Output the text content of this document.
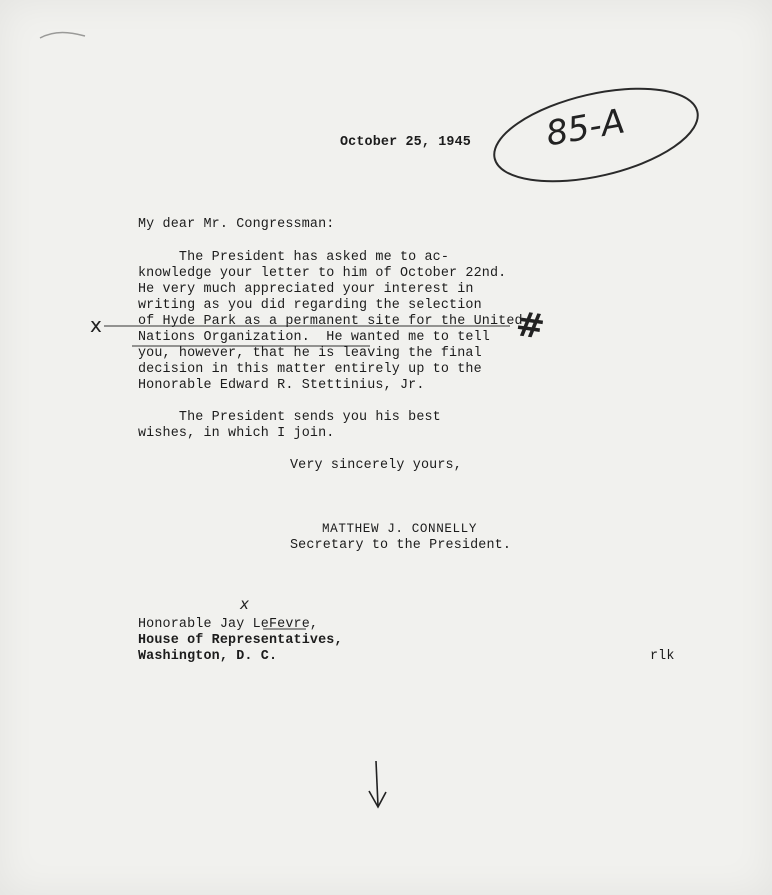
October 25, 1945 85-A

My dear Mr. Congressman:

The President has asked me to ac-

knowledge your letter to him of October 22nd.

He very much appreciated your interest in

writing as you did regarding the selection

of Hyde Park as a permanent site for the United

Nations Organization.  He wanted me to tell

you, however, that he is leaving the final

decision in this matter entirely up to the

Honorable Edward R. Stettinius, Jr.

x	#

The President sends you his best

wishes, in which I join.

Very sincerely yours,

MATTHEW J. CONNELLY

Secretary to the President.

x

Honorable Jay LeFevre,

House of Representatives,

Washington, D. C.	rlk
